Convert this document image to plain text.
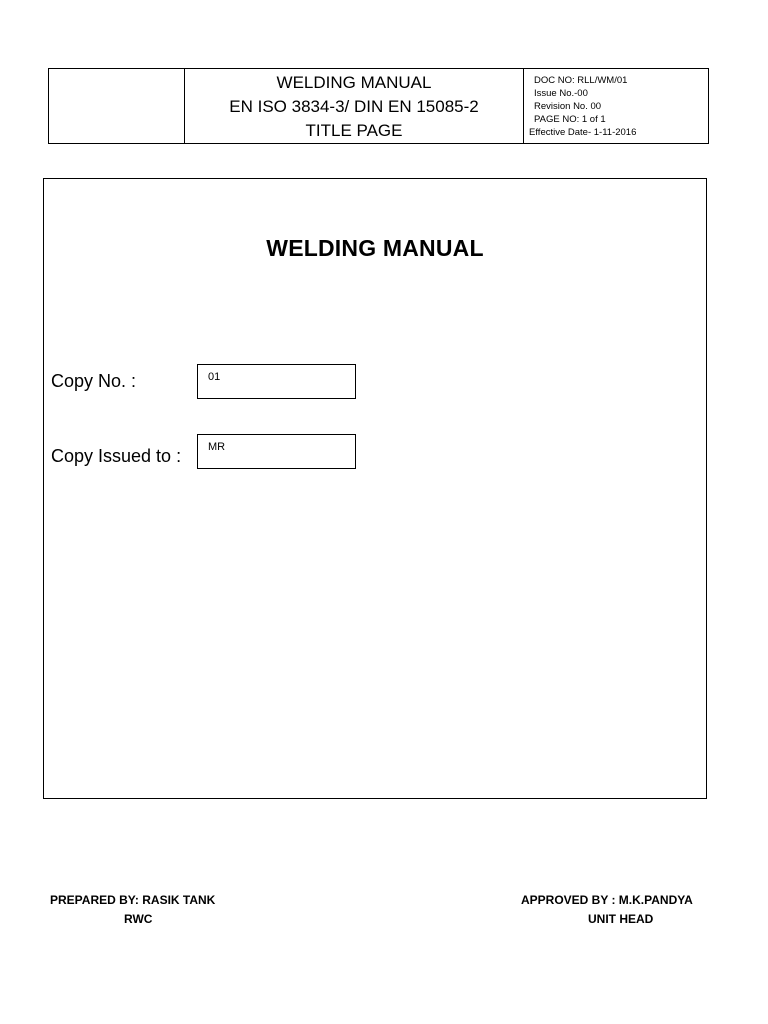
WELDING MANUAL
EN ISO 3834-3/ DIN EN 15085-2
TITLE PAGE
DOC NO: RLL/WM/01
Issue No.-00
Revision No. 00
PAGE NO: 1 of 1
Effective Date- 1-11-2016
WELDING MANUAL
Copy No. :	01
Copy Issued to :	MR
PREPARED BY: RASIK TANK
RWC
APPROVED BY : M.K.PANDYA
UNIT HEAD
